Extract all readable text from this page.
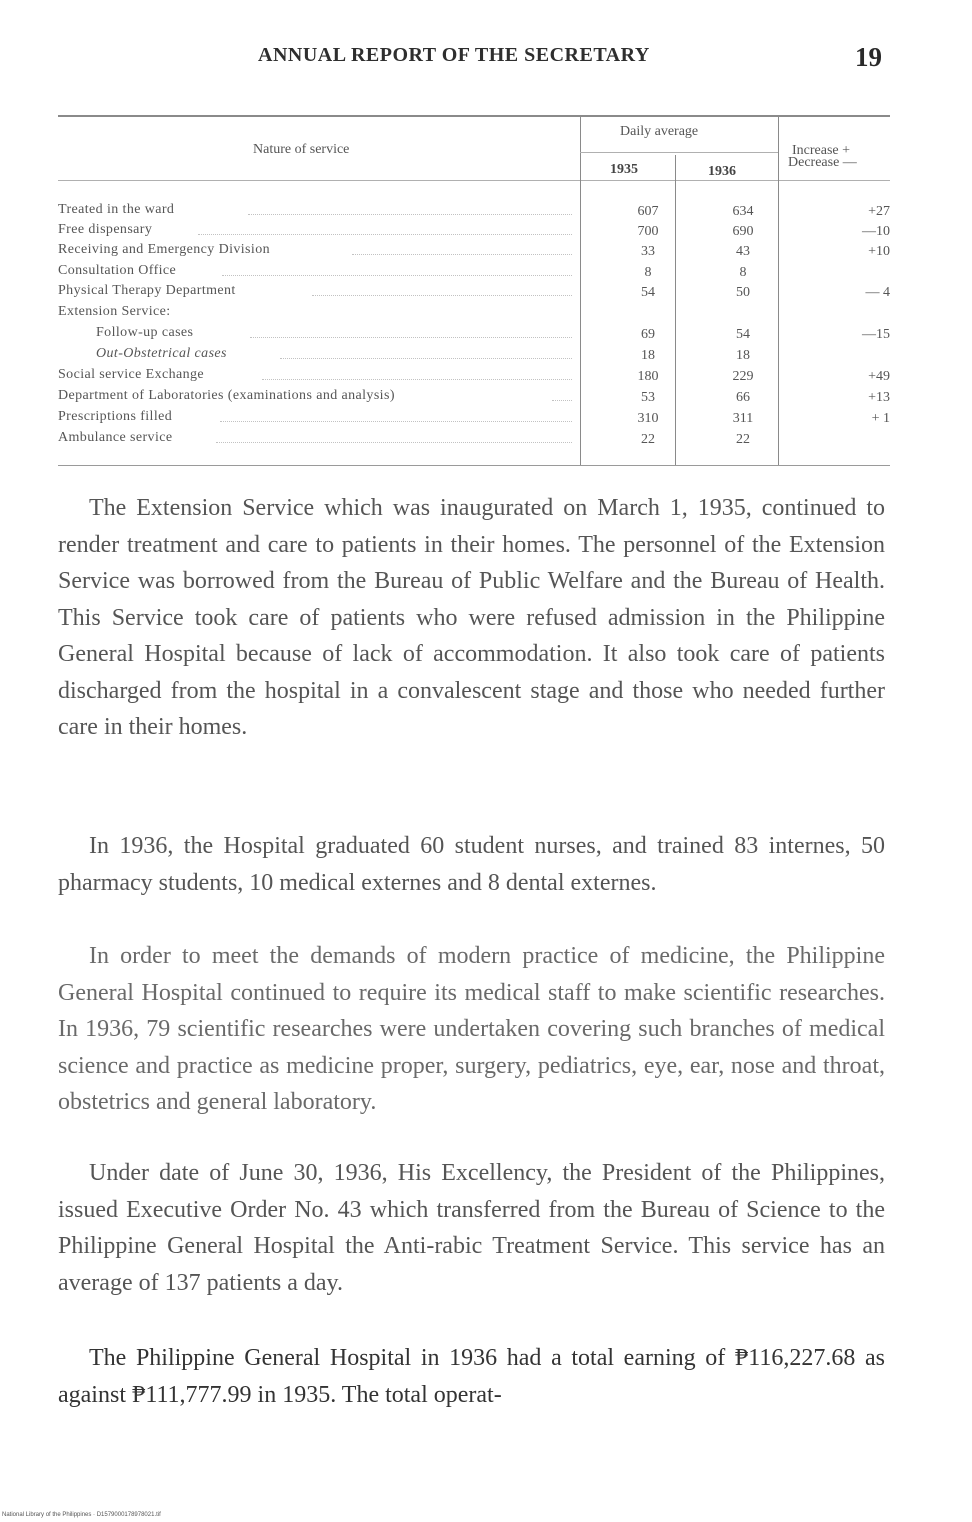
ANNUAL REPORT OF THE SECRETARY	19
Nature of service
Daily average
1935	1936
Increase +
Decrease —
Treated in the ward	607	634	+27
Free dispensary	700	690	—10
Receiving and Emergency Division	33	43	+10
Consultation Office	8	8
Physical Therapy Department	54	50	— 4
Extension Service:
Follow-up cases	69	54	—15
Out-Obstetrical cases	18	18
Social service Exchange	180	229	+49
Department of Laboratories (examinations and analysis)	53	66	+13
Prescriptions filled	310	311	+ 1
Ambulance service	22	22

The Extension Service which was inaugurated on March 1, 1935, continued to render treatment and care to patients in their homes. The personnel of the Extension Service was borrowed from the Bureau of Public Welfare and the Bureau of Health. This Service took care of patients who were refused admission in the Philippine General Hospital because of lack of accommodation. It also took care of patients discharged from the hospital in a convalescent stage and those who needed further care in their homes.

In 1936, the Hospital graduated 60 student nurses, and trained 83 internes, 50 pharmacy students, 10 medical externes and 8 dental externes.

In order to meet the demands of modern practice of medicine, the Philippine General Hospital continued to require its medical staff to make scientific researches. In 1936, 79 scientific researches were undertaken covering such branches of medical science and practice as medicine proper, surgery, pediatrics, eye, ear, nose and throat, obstetrics and general laboratory.

Under date of June 30, 1936, His Excellency, the President of the Philippines, issued Executive Order No. 43 which transferred from the Bureau of Science to the Philippine General Hospital the Anti-rabic Treatment Service. This service has an average of 137 patients a day.

The Philippine General Hospital in 1936 had a total earning of ₱116,227.68 as against ₱111,777.99 in 1935. The total operat-

National Library of the Philippines · D1579000178978021.tif
